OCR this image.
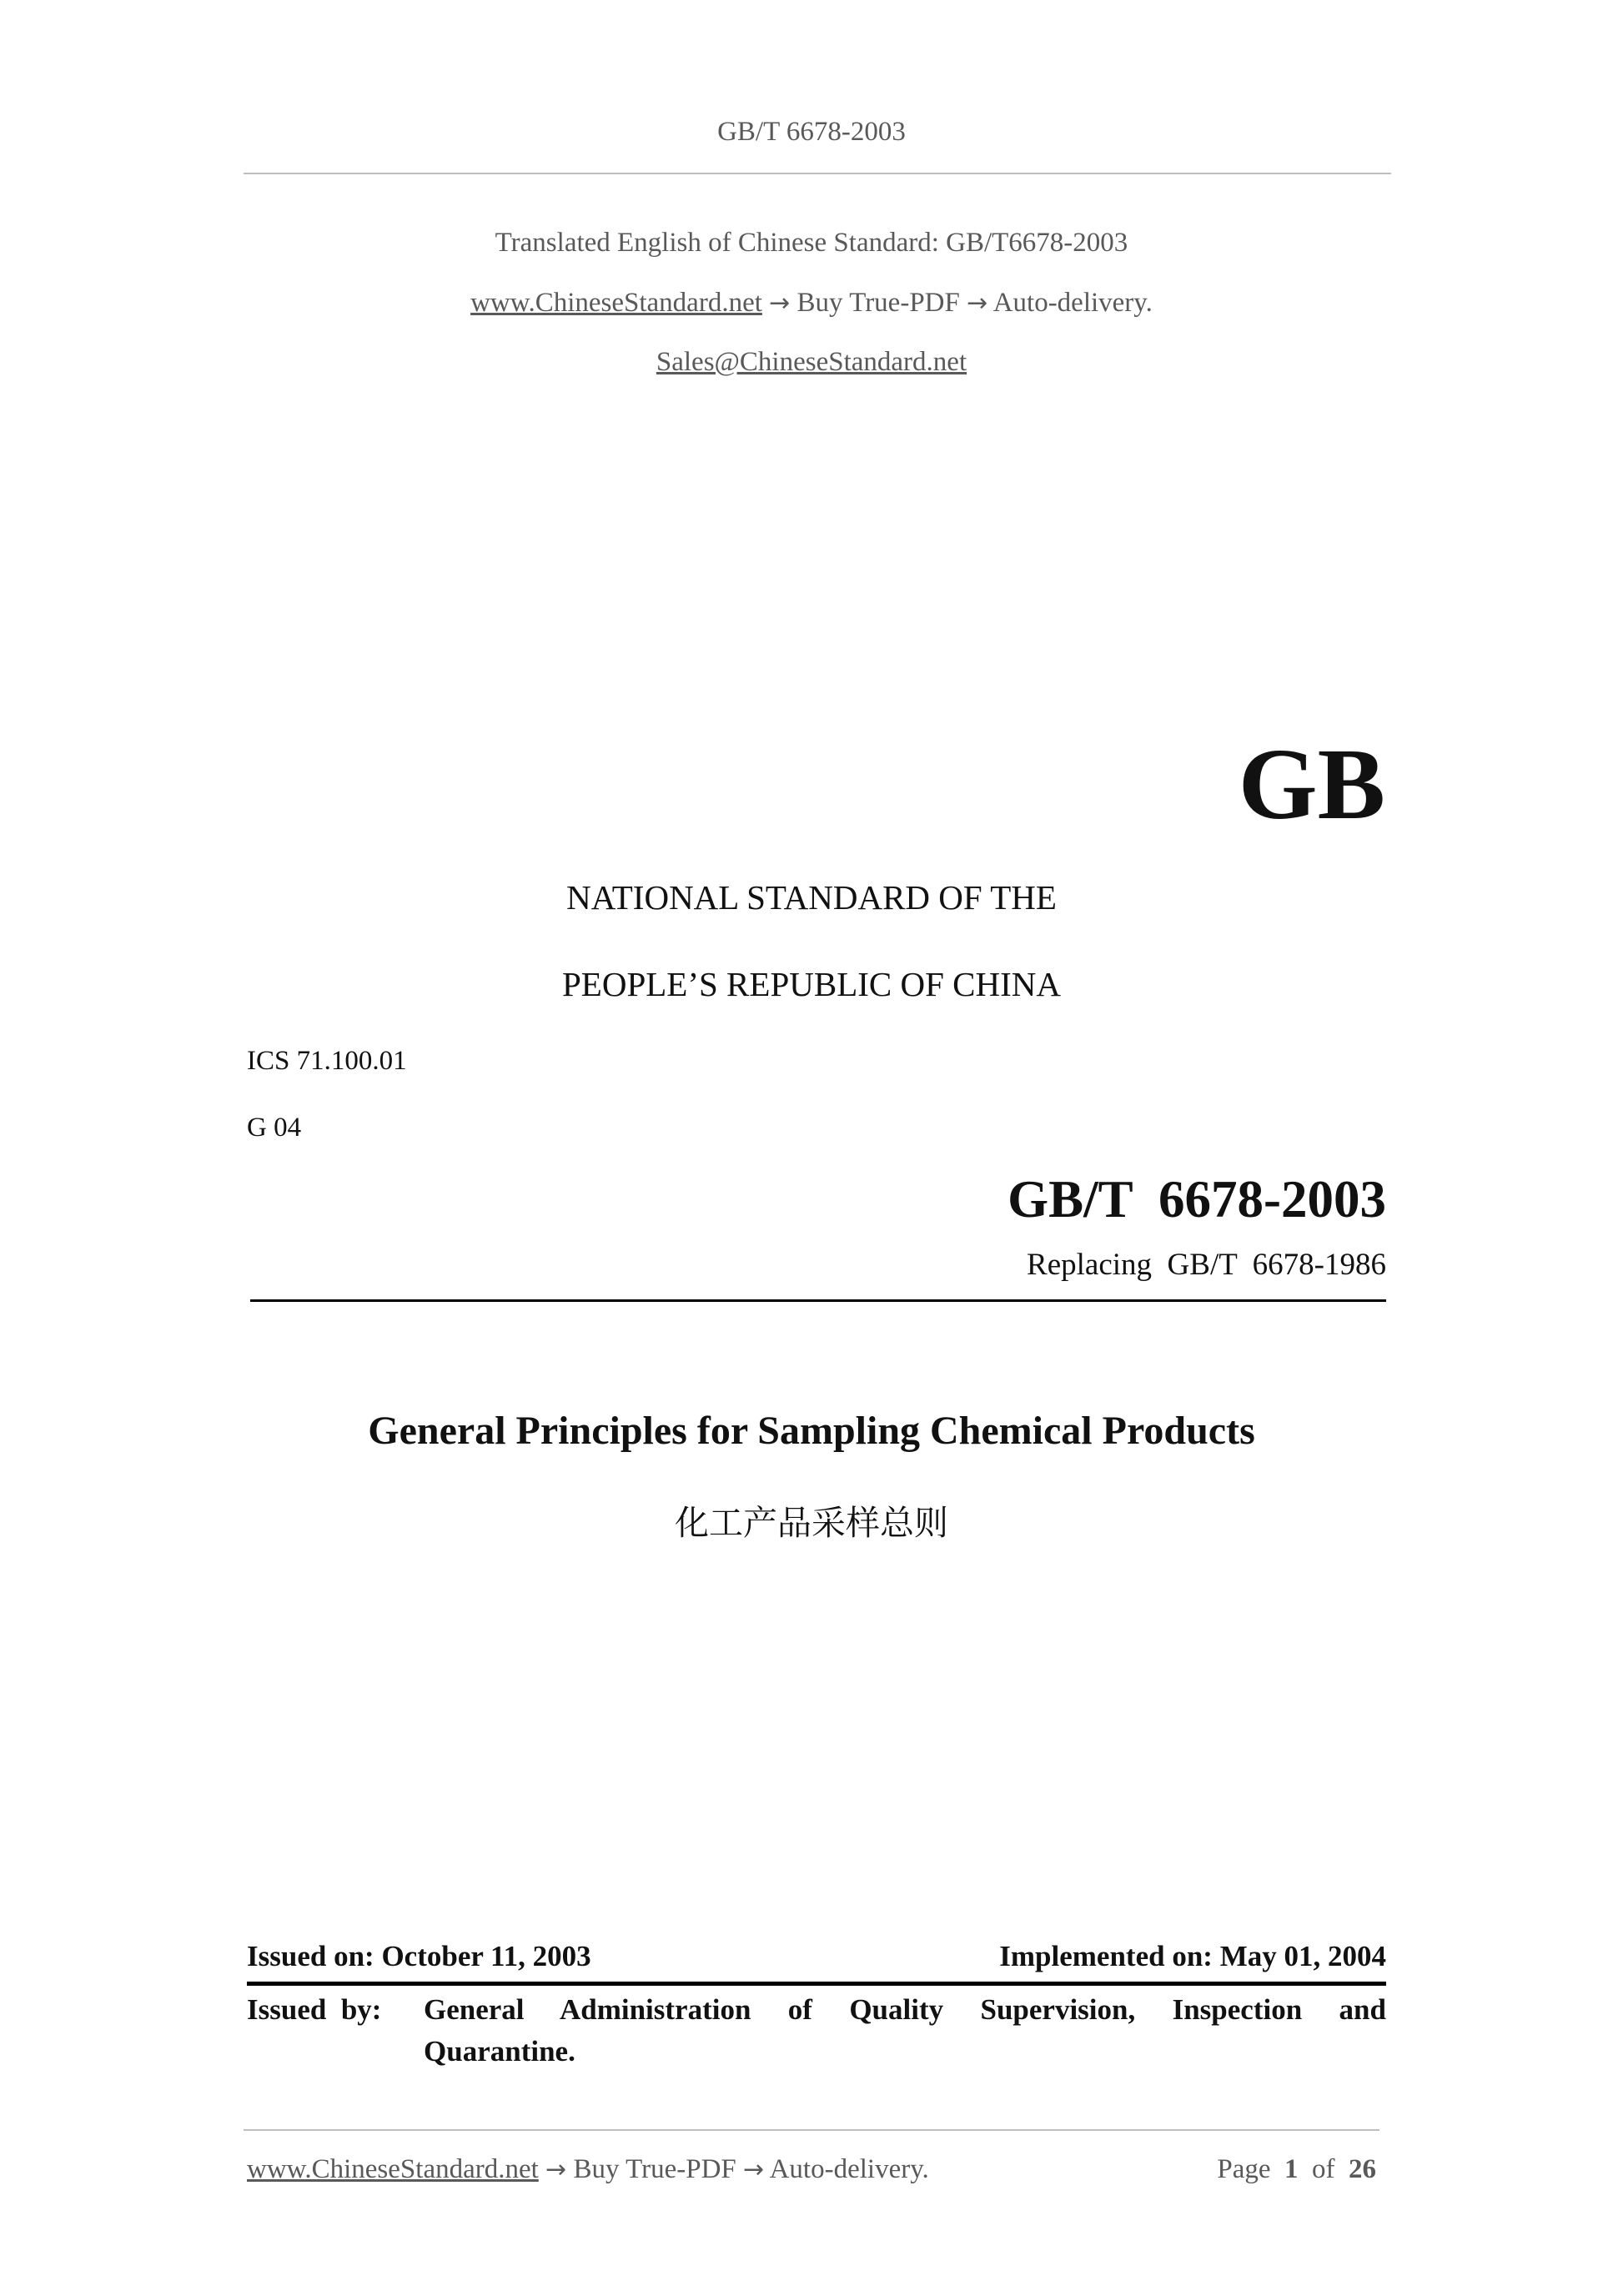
GB/T 6678-2003
Translated English of Chinese Standard: GB/T6678-2003
www.ChineseStandard.net → Buy True-PDF → Auto-delivery.
Sales@ChineseStandard.net
GB
NATIONAL STANDARD OF THE
PEOPLE’S REPUBLIC OF CHINA
ICS 71.100.01
G 04
GB/T  6678-2003
Replacing  GB/T  6678-1986
General Principles for Sampling Chemical Products
化工产品采样总则
Issued on: October 11, 2003	Implemented on: May 01, 2004
Issued  by: General  Administration  of  Quality  Supervision,  Inspection  and
Quarantine.
www.ChineseStandard.net → Buy True-PDF → Auto-delivery.	Page 1 of 26
